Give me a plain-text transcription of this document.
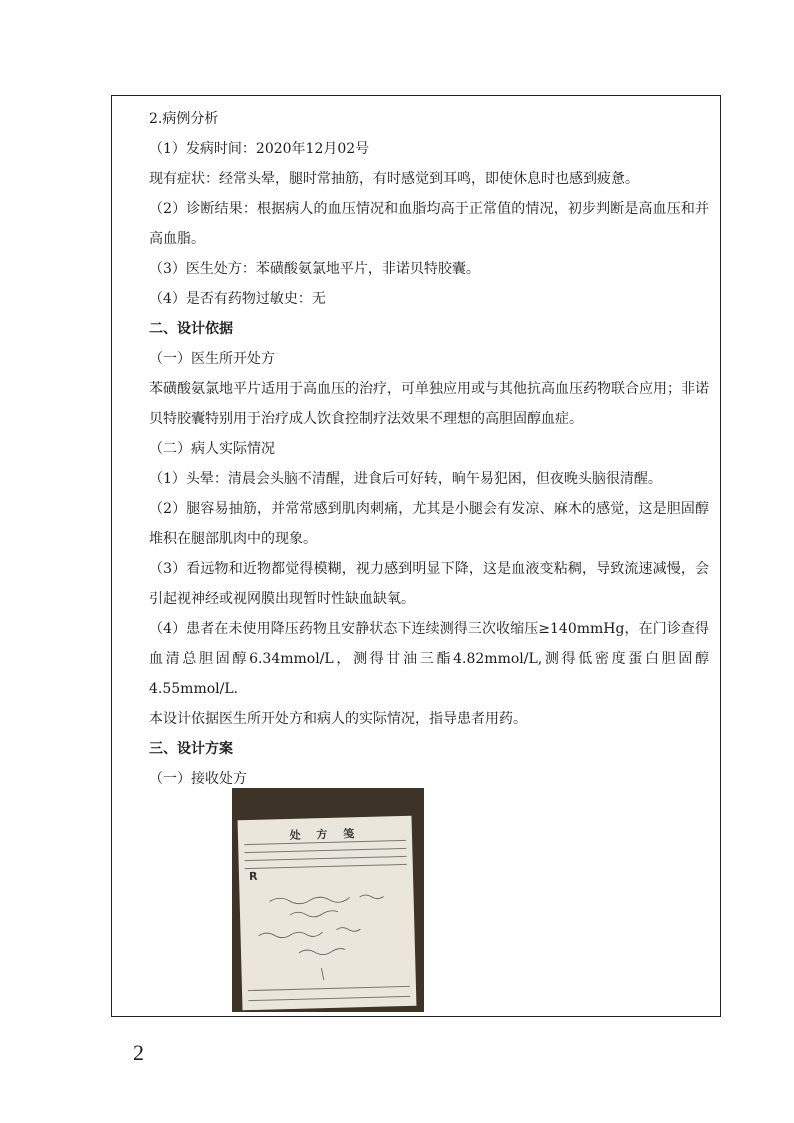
2.病例分析

（1）发病时间：2020年12月02号

现有症状：经常头晕，腿时常抽筋，有时感觉到耳鸣，即使休息时也感到疲惫。

（2）诊断结果：根据病人的血压情况和血脂均高于正常值的情况，初步判断是高血压和并高血脂。

（3）医生处方：苯磺酸氨氯地平片，非诺贝特胶囊。

（4）是否有药物过敏史：无

二、设计依据

（一）医生所开处方

苯磺酸氨氯地平片适用于高血压的治疗，可单独应用或与其他抗高血压药物联合应用；非诺贝特胶囊特别用于治疗成人饮食控制疗法效果不理想的高胆固醇血症。

（二）病人实际情况

（1）头晕：清晨会头脑不清醒，进食后可好转，晌午易犯困，但夜晚头脑很清醒。

（2）腿容易抽筋，并常常感到肌肉刺痛，尤其是小腿会有发凉、麻木的感觉，这是胆固醇堆积在腿部肌肉中的现象。

（3）看远物和近物都觉得模糊，视力感到明显下降，这是血液变粘稠，导致流速减慢，会引起视神经或视网膜出现暂时性缺血缺氧。

（4）患者在未使用降压药物且安静状态下连续测得三次收缩压≥140mmHg，在门诊查得血清总胆固醇6.34mmol/L，测得甘油三酯4.82mmol/L,测得低密度蛋白胆固醇4.55mmol/L.

本设计依据医生所开处方和病人的实际情况，指导患者用药。

三、设计方案

（一）接收处方

处 方 笺
R
2
